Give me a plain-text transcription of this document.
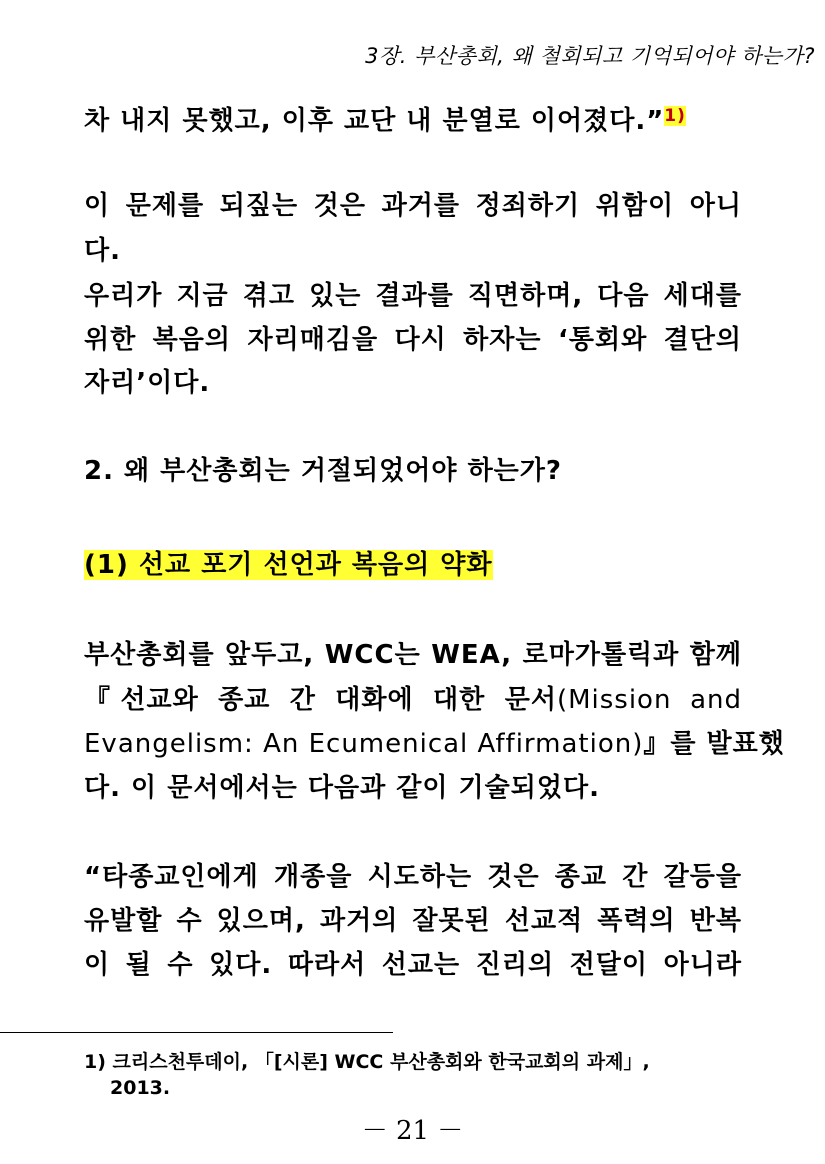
3장. 부산총회, 왜 철회되고 기억되어야 하는가?
차 내지 못했고, 이후 교단 내 분열로 이어졌다.”$^{1)}$
이 문제를 되짚는 것은 과거를 정죄하기 위함이 아니
다.
우리가 지금 겪고 있는 결과를 직면하며, 다음 세대를
위한 복음의 자리매김을 다시 하자는 ‘통회와 결단의
자리’이다.
2. 왜 부산총회는 거절되었어야 하는가?
(1) 선교 포기 선언과 복음의 약화
부산총회를 앞두고, WCC는 WEA, 로마가톨릭과 함께
『선교와 종교 간 대화에 대한 문서(Mission and
Evangelism: An Ecumenical Affirmation)』를 발표했
다. 이 문서에서는 다음과 같이 기술되었다.
“타종교인에게 개종을 시도하는 것은 종교 간 갈등을
유발할 수 있으며, 과거의 잘못된 선교적 폭력의 반복
이 될 수 있다. 따라서 선교는 진리의 전달이 아니라
1) 크리스천투데이, 「[시론] WCC 부산총회와 한국교회의 과제」,
2013.
－ 21 －
